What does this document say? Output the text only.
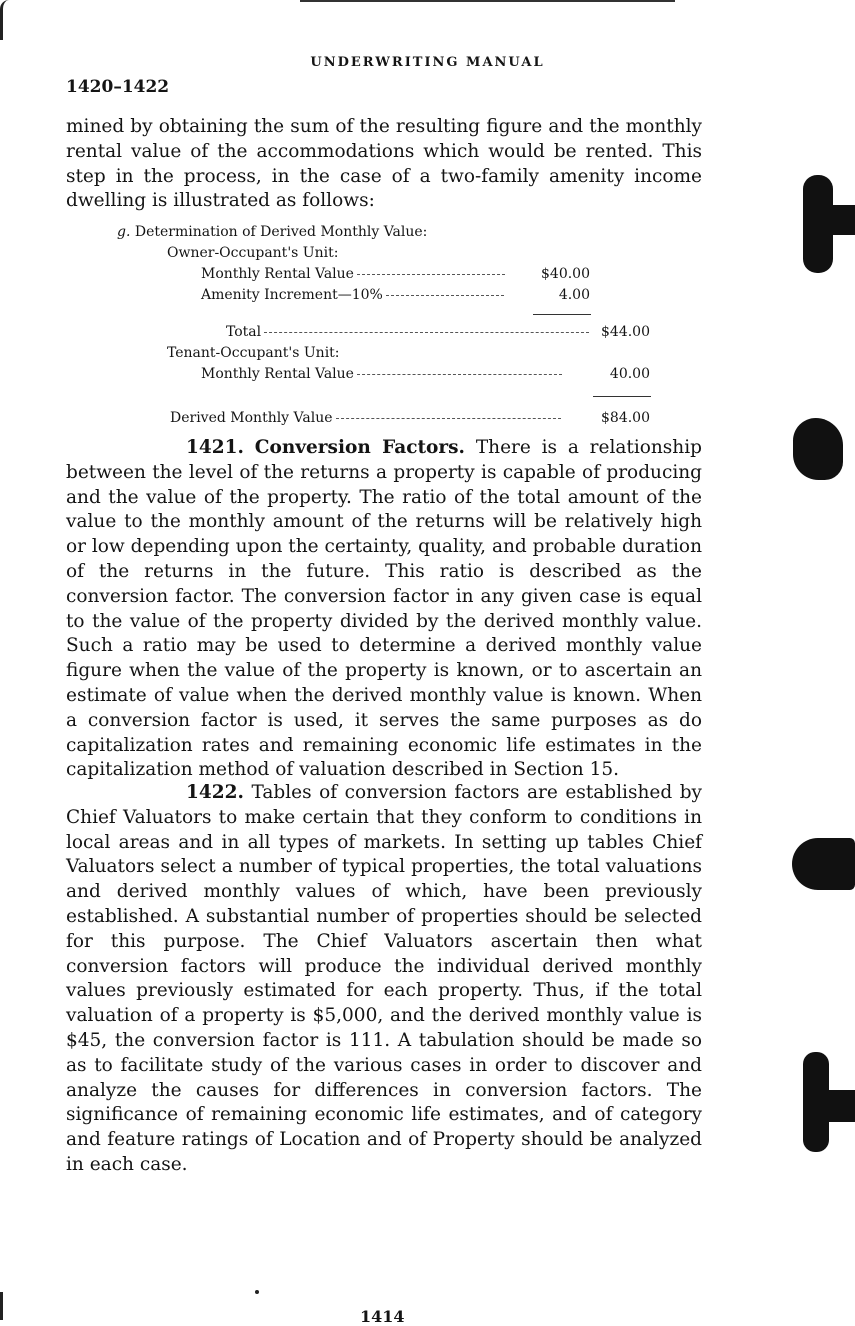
UNDERWRITING MANUAL
1420–1422

mined by obtaining the sum of the resulting figure and the monthly rental value of the accommodations which would be rented. This step in the process, in the case of a two-family amenity income dwelling is illustrated as follows:

g. Determination of Derived Monthly Value:
Owner-Occupant's Unit:
Monthly Rental Value	$40.00
Amenity Increment—10%	4.00
Total	$44.00
Tenant-Occupant's Unit:
Monthly Rental Value	40.00
Derived Monthly Value	$84.00

1421. Conversion Factors. There is a relationship between the level of the returns a property is capable of producing and the value of the property. The ratio of the total amount of the value to the monthly amount of the returns will be relatively high or low depending upon the certainty, quality, and probable duration of the returns in the future. This ratio is described as the conversion factor. The conversion factor in any given case is equal to the value of the property divided by the derived monthly value. Such a ratio may be used to determine a derived monthly value figure when the value of the property is known, or to ascertain an estimate of value when the derived monthly value is known. When a conversion factor is used, it serves the same purposes as do capitalization rates and remaining economic life estimates in the capitalization method of valuation described in Section 15.

1422. Tables of conversion factors are established by Chief Valuators to make certain that they conform to conditions in local areas and in all types of markets. In setting up tables Chief Valuators select a number of typical properties, the total valuations and derived monthly values of which, have been previously established. A substantial number of properties should be selected for this purpose. The Chief Valuators ascertain then what conversion factors will produce the individual derived monthly values previously estimated for each property. Thus, if the total valuation of a property is $5,000, and the derived monthly value is $45, the conversion factor is 111. A tabulation should be made so as to facilitate study of the various cases in order to discover and analyze the causes for differences in conversion factors. The significance of remaining economic life estimates, and of category and feature ratings of Location and of Property should be analyzed in each case.

1414
